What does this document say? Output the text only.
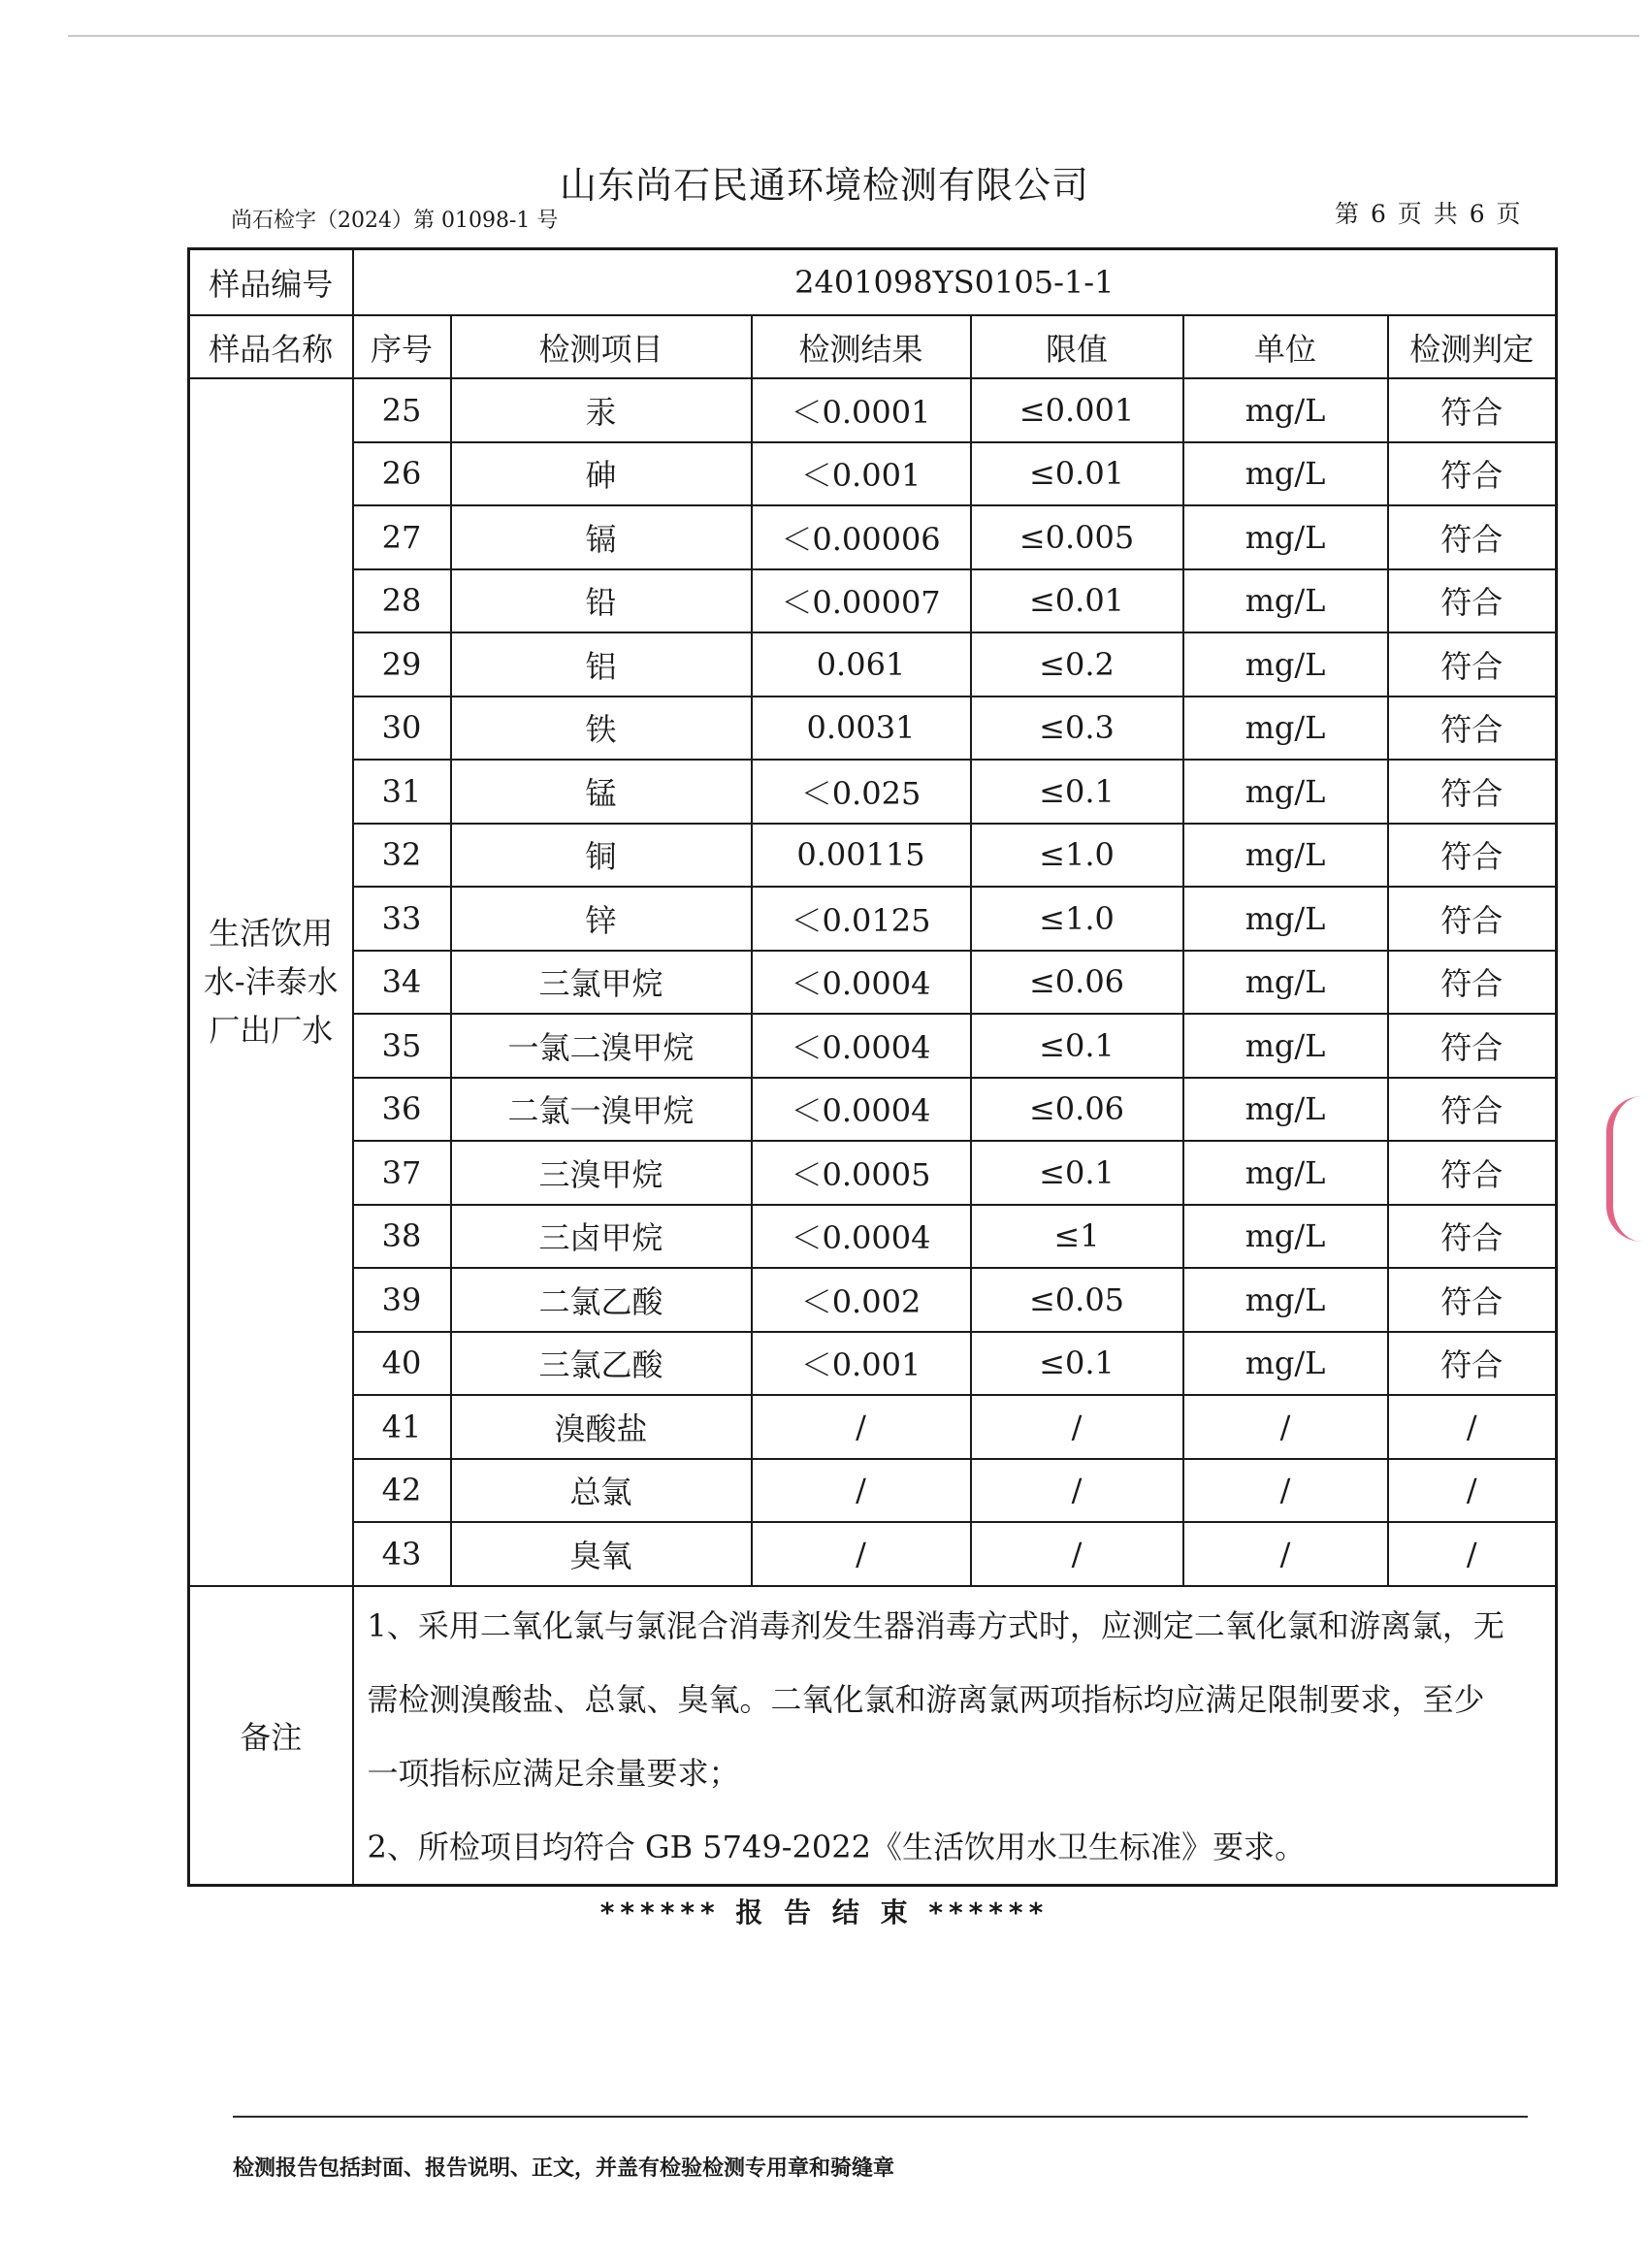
山东尚石民通环境检测有限公司
尚石检字（2024）第 01098-1 号	第 6 页 共 6 页
样品编号	2401098YS0105-1-1					
样品名称	序号	检测项目	检测结果	限值	单位	检测判定
生活饮用水-沣泰水厂出厂水	25	汞	＜0.0001	≤0.001	mg/L	符合
	26	砷	＜0.001	≤0.01	mg/L	符合
	27	镉	＜0.00006	≤0.005	mg/L	符合
	28	铅	＜0.00007	≤0.01	mg/L	符合
	29	铝	0.061	≤0.2	mg/L	符合
	30	铁	0.0031	≤0.3	mg/L	符合
	31	锰	＜0.025	≤0.1	mg/L	符合
	32	铜	0.00115	≤1.0	mg/L	符合
	33	锌	＜0.0125	≤1.0	mg/L	符合
	34	三氯甲烷	＜0.0004	≤0.06	mg/L	符合
	35	一氯二溴甲烷	＜0.0004	≤0.1	mg/L	符合
	36	二氯一溴甲烷	＜0.0004	≤0.06	mg/L	符合
	37	三溴甲烷	＜0.0005	≤0.1	mg/L	符合
	38	三卤甲烷	＜0.0004	≤1	mg/L	符合
	39	二氯乙酸	＜0.002	≤0.05	mg/L	符合
	40	三氯乙酸	＜0.001	≤0.1	mg/L	符合
	41	溴酸盐	/	/	/	/
	42	总氯	/	/	/	/
	43	臭氧	/	/	/	/
备注	1、采用二氧化氯与氯混合消毒剂发生器消毒方式时，应测定二氧化氯和游离氯，无
需检测溴酸盐、总氯、臭氧。二氧化氯和游离氯两项指标均应满足限制要求，至少
一项指标应满足余量要求；
2、所检项目均符合 GB 5749-2022《生活饮用水卫生标准》要求。					
****** 报 告 结 束 ******
检测报告包括封面、报告说明、正文，并盖有检验检测专用章和骑缝章
